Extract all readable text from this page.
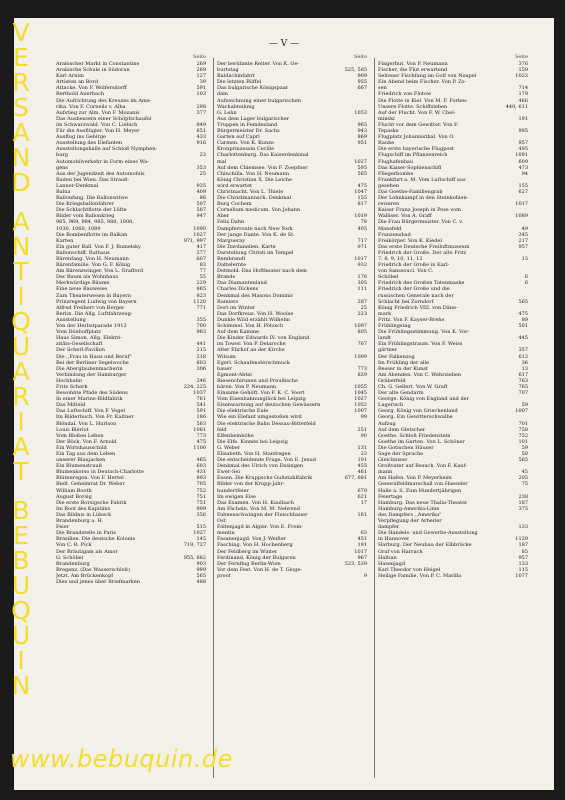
— V —
Seite
Arabischer Markt in Constantine	269
Arabische Schule in Südoran	269
Karl Arnim	127
Artisten an Bord	39
Attacke. Von F. Wolfersdorff	591
Berthold Auerbach	103
Die Aufrichtung des Kreuzes im Ame-
rika. Von F. Corneils v. Alba	298
Aufstieg zur Alm. Von F. Mozanis	377
Das Ausbessern einer Schöpfschaufel
im Schwarzwald. Von C. Liebich	849
Für die Ausflügler. Von H. Meyer	651
Ausflug ins Gebirge	433
Ausstellung des Elefanten	916
Ausstellungshalle auf Schloß Nymphen-
burg	23
Automobilverkehr in Form eines Wa-
gens	353
Aus der Jugendzeit des Automobils	25
Baden bei Wien. Das Strauß-
Lanner-Denkmal	935
Bahia	409
Ballonfang. Die Ballonwitwe	86
Die Kriegsballonfahrer	507
Die Schlachtflotte der Lüfte	587
Bilder vom Ballonkrieg	947
965, 969, 984, 985, 988, 1008,
1030, 1060, 1089	1090
Die Bombenflotte im Balkan	1027
Karten	971, 997
Ein guter Ball. Von F. J. Rumelsky	417
Ballonschiff. Rathaus	277
Bärenfang. Von H. Neumann	607
Bärenfamilie. Von G. F. König	83
Am Bärenzwinger. Von L. Grafford	77
Der Baum als Wohnhaus	55
Merkwürdige Bäume	229
Eine neue Bauweise	865
Zum Theaterwesen in Bayern	823
Prinzregent Ludwig von Bayern	1120
Alfred Freiherr von Berger	771
Berlin. Die Allg. Luftfahrzeug-
Ausstellung	355
Von der Herbstparade 1912	700
Vom Dönhoffplatz	983
Haus Simon, Allg. Elektri-
zitäts-Gesellschaft	441
Der Scherl-Pavillon	215
Die ,,Frau in Haus und Beruf"	218
Bei der Berliner Segelwoche	603
Die Aberglaubenmacherin	306
Verbindung der Hamburger
Hochbahn	246
Fritz Scherk	224, 225
Bewohnte Pfade des Südens	1037
In einer Marine-Bildfabrik	761
Das Mitleid	541
Das Luftschiff. Von F. Vogel	591
Im Bilderbuch. Von Fr. Kaltner	186
Blöndal. Von L. Hurlson	563
Louis Bleriot	1081
Vom Bloßen Leben	773
Der Böck. Von F. Arnold	475
Ein Wirtshausschild	1100
Ein Tag aus dem Leben
unserer Blaujacken	465
Ein Blumenstrauß	603
Blumenkorso in Deutsch-Charlotte	431
Blütenregen. Von F. Hertel	893
Bielt. Geheimrat Dr. Weber	705
William Booth	752
August Borsig	751
Die erste Borsigsche Fabrik	751
Im Boot des Kapitäns	999
Das Bildnis in Lübeck	356
Brandenburg a. H.
Feier	515
Die Brandstelle in Paris	1027
Brasilien. Die deutsche Kolonie	145
Von C. R. Pick	719, 727
Der Bräutigam als Amor
G. Schöbel	955, 882
Brandenburg	903
Bregenz. (Das Wasserschloß)	999
Jetzt. Am Brückenkopf	565
Dies und jenes über Briefmarken	488
Seite
Der berühmte Reiter. Von K. Ge-
burtstag	525, 585
Baldachinfahrt	909
Die letzten Büffel	955
Das bulgarische Königspaar	667
dam
Aufzeichnung einer bulgarischen
Wachabteilung
G. Lehn	1053
Aus dem Lager bulgarischer
Truppen in Feindesland	965
Bürgermeister Dr. Sachs	943
Garten auf Capri	869
Carmen. Von K. Kunze	951
Kronprinzessin Cecilie
Charlottenburg. Das Kaiserdenkmal
mal	1027
Auf dem Chiemsee. Von F. Zoepfner	595
Chinchilla. Von H. Neumann	565
König Christian X. Die Leiche
wird erwartet	475
Christnacht. Von L. Thiele	1047
Die Christmannsch. Denkmal	155
Burg Cochem	817
Cornelium medicum. Von Johann
Aber	1019
Felix Dahn	78
Dampferroute nach New York	405
Der junge Dante. Von K. de St.
Margueray	717
Die Dardanellen. Karte	971
Darstellung Christi im Tempel
Rembrandt	1017
Dattelernte	932
Detmold. Das Hoftheater nach dem
Brande	176
Das Diamantenland	305
Charles Dickens	111
Denkmal des Masons Dominic
Ramiers	287
Dort im Winter	25
Das Dorfkreuz. Von H. Woolse	223
Dunkle Wild erzählt Wilhelm
Schimmel. Von H. Pötzsch	1097
Auf dem Kamme	805
Die Kinder Edwards IV. von England
im Tower. Von P. Delaroche	767
Alter Ehrhof an der Kirche
Wilsum	1009
Egerl. Schaufensterschmuck
bauer	773
Egmont-Abtei	829
Riesenchirunen und Preußische
bären. Von P. Neumann	1055
Einsame Gehöft. Von F. K. C. Voort	1045
Vom Eisenbahnunglück bei Leipzig	1027
Eisenwarnung auf deutschen Gewässern	1052
Die elektrische Eule	1007
Wie ein Elefant umgestoßen wird	99
Die elektrische Bahn Dessau-Bitterfeld
feld	251
Elfenbeinhöhe	90
Die Elfe. Kinnen bei Leipzig
G. Weber	131
Elisabeth. Von H. Stanfregen	23
Die entscheidende Frage. Von E. Jenad	101
Denkmal des Ulrich von Ensingen	455
Ewer-Sei	461
Essen. Die Kruppsche Gußstahlfabrik	677, 681
Bilder von der Krupp-Jahr-
hundertfeier	679
Im ewigen Eise	621
Das Examen. Von H. Kaulbach	17
Am Fächeln. Von M. M. Nehrend
Fahnenschwingen der Fleischhauer	161
Ost
Faltenjagd in Algier. Von E. From-
mentin	63
Fasanenjagd. Von J. Weißer	451
Fasching. Von H. Hochenberg	191
Der Feldberg im Winter	1017
Ferdinand, König der Bulgaren	967
Der Fernflug Berlin-Wien	523, 539
Vor dem Fest. Von H. de T. Gloge-
proof	9
Seite
Fingerhut. Von P. Neumann	376
Fischer, die Flut erwartend	159
Seltener Fischfang im Golf von Neapel	1023
Ein Abend beim Fischer. Von P. Zo-
sen	714
Friedrich von Flotow	179
Die Flotte in Kiel. Von M. F. Forbes	466
Unsere Flotte. Schiffsleben	440, 611
Auf der Flucht. Von F. W. Chel-
minski	191
Flucht vor dem Gewitter. Von F.
Tepaske	995
Flugplatz Johannisthal. Von O.
Rauhe	957
Die erste bayerische Flugpost	495
Flugschiff im Pflanzenreich	1091
Flughafenbau	609
Das Kaiser-Sophienschiff	473
Fliegerbombe	94
Frankfurt a. M. Vom Luftschiff aus
gesehen	155
Das Goethe-Familiengrab	627
Der Lohnkampf in den Steinkohlen-
revieren	1017
Kaiser Franz Joseph in Pose vom
Walliser. Von A. Graff	1089
Die Frau Bürgermeister. Von C. v.
Mansfeld	49
Franzensbad	245
Freikörper. Von K. Kiedel	217
Das erste Deutsche Freiluftmuseum	957
Friedrich der Große. Der alte Fritz
7, 8, 9, 10, 11, 12	13
Friedrich der Große in Karl-
von Sanssouci. Von C.
Schöbel	6
Friedrich des Großen Totenmaske	6
Friedrich der Große und die
russischen Generale nach der
Schlacht bei Zorndorf	565
König Friedrich VIII. von Däne-
mark	475
Fritz. Von F. Kayser-Brehe	89
Frühlingstag	501
Die Frühlingsstimmung. Von K. Vor-
landt	445
Ein Frühlingstraum. Von F. Weiss
gärtner	357
Der Falkenzog	612
Im Frühling der alle	36
Besser in der Kunst	13
Am Abenden. Von C. Wehrsieben	617
Gräberfeld	763
Ch. G. Gellert. Von W. Graff	765
Der alte Gendarm	707
George. König von England und der
Lugerisch	59
Georg, König von Griechenland	1007
Georg. Ein Gewitterschwalbe
Aufzug	701
Auf dem Gletscher	758
Goethe. Schloß Friedenstein	752
Goethe im Garten. Von L. Schöner	101
Die Gotischen Häuser	59
Sage der Sprache	50
Gleichnisse	565
Großvater auf Besuch. Von F. Kauf-
mann	45
Am Hafen. Von P. Meyerheim	205
Generalfeldmarschall von Haeseler	75
Halle a. S. Zum Hundertjährigen
Feiertage	238
Hamburg. Das neue Thalia-Theater	187
Hamburg-Amerika-Linie	375
des Dampfers ,,Amerika"
Verpflegung der Arbeiter
dampfer	133
Die Handels- und Gewerbe-Ausstellung
in Hannover	1129
Harburg. Der Neubau der Elbbrücke	187
Graf von Harrach	85
Haltian	957
Hasenjagd	133
Karl Theodor von Heigel	115
Heilige Familie. Von P. C. Marilla	1077
V
E
R
S
A
N
D
A
N
T
I
Q
U
A
R
I
A
T
B
E
B
U
Q
U
I
N
www.bebuquin.de
